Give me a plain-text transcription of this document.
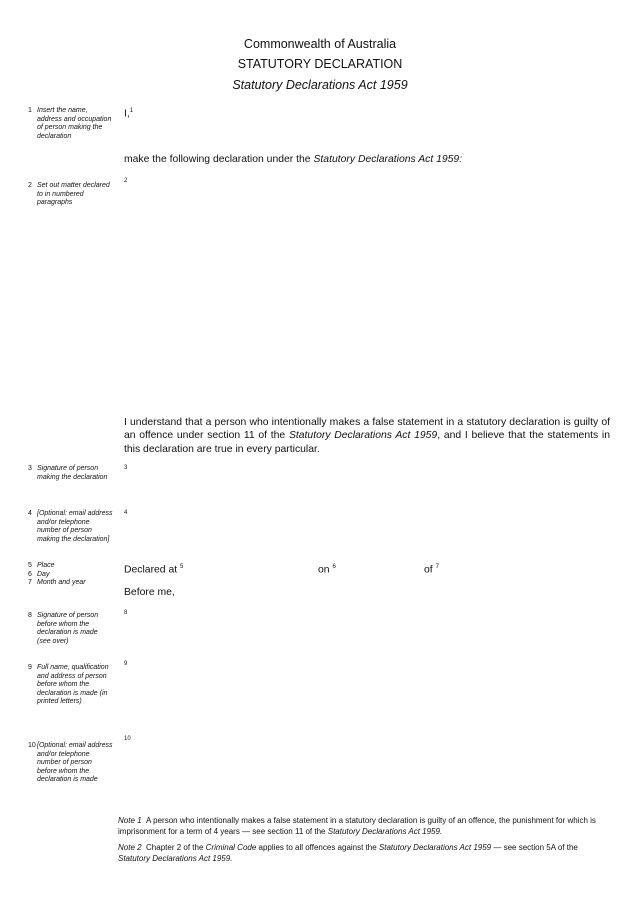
Commonwealth of Australia
STATUTORY DECLARATION
Statutory Declarations Act 1959
1 Insert the name, address and occupation of person making the declaration
2 Set out matter declared to in numbered paragraphs
3 Signature of person making the declaration
4 [Optional: email address and/or telephone number of person making the declaration]
5 Place
6 Day
7 Month and year
8 Signature of person before whom the declaration is made (see over)
9 Full name, qualification and address of person before whom the declaration is made (in printed letters)
10 [Optional: email address and/or telephone number of person before whom the declaration is made
I,$^1$
make the following declaration under the Statutory Declarations Act 1959:
2
I understand that a person who intentionally makes a false statement in a statutory declaration is guilty of an offence under section 11 of the Statutory Declarations Act 1959, and I believe that the statements in this declaration are true in every particular.
3
4
Declared at $^5$	on $^6$	of $^7$
Before me,
8
9
10
Note 1 A person who intentionally makes a false statement in a statutory declaration is guilty of an offence, the punishment for which is imprisonment for a term of 4 years — see section 11 of the Statutory Declarations Act 1959.
Note 2 Chapter 2 of the Criminal Code applies to all offences against the Statutory Declarations Act 1959 — see section 5A of the Statutory Declarations Act 1959.
